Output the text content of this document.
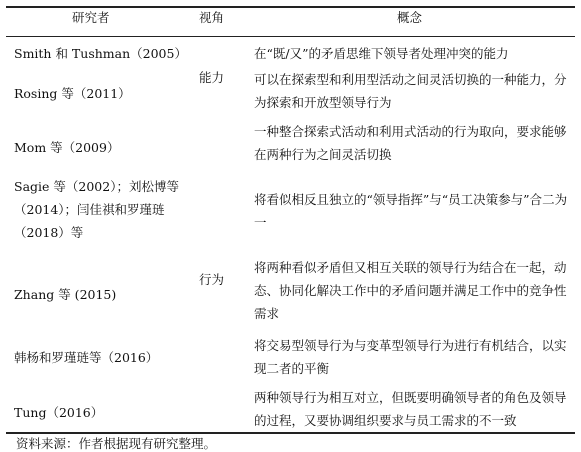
研究者	视角	概念
能力
行为
Smith 和 Tushman（2005）
Rosing 等（2011）
Mom 等（2009）
Sagie 等（2002）；刘松博等（2014）；闫佳祺和罗瑾琏（2018）等
Zhang 等 (2015)
韩杨和罗瑾琏等（2016）
Tung（2016）
在“既/又”的矛盾思维下领导者处理冲突的能力
可以在探索型和利用型活动之间灵活切换的一种能力，分为探索和开放型领导行为
一种整合探索式活动和利用式活动的行为取向，要求能够在两种行为之间灵活切换
将看似相反且独立的“领导指挥”与“员工决策参与”合二为一
将两种看似矛盾但又相互关联的领导行为结合在一起，动态、协同化解决工作中的矛盾问题并满足工作中的竞争性需求
将交易型领导行为与变革型领导行为进行有机结合，以实现二者的平衡
两种领导行为相互对立，但既要明确领导者的角色及领导的过程，又要协调组织要求与员工需求的不一致
资料来源：作者根据现有研究整理。
